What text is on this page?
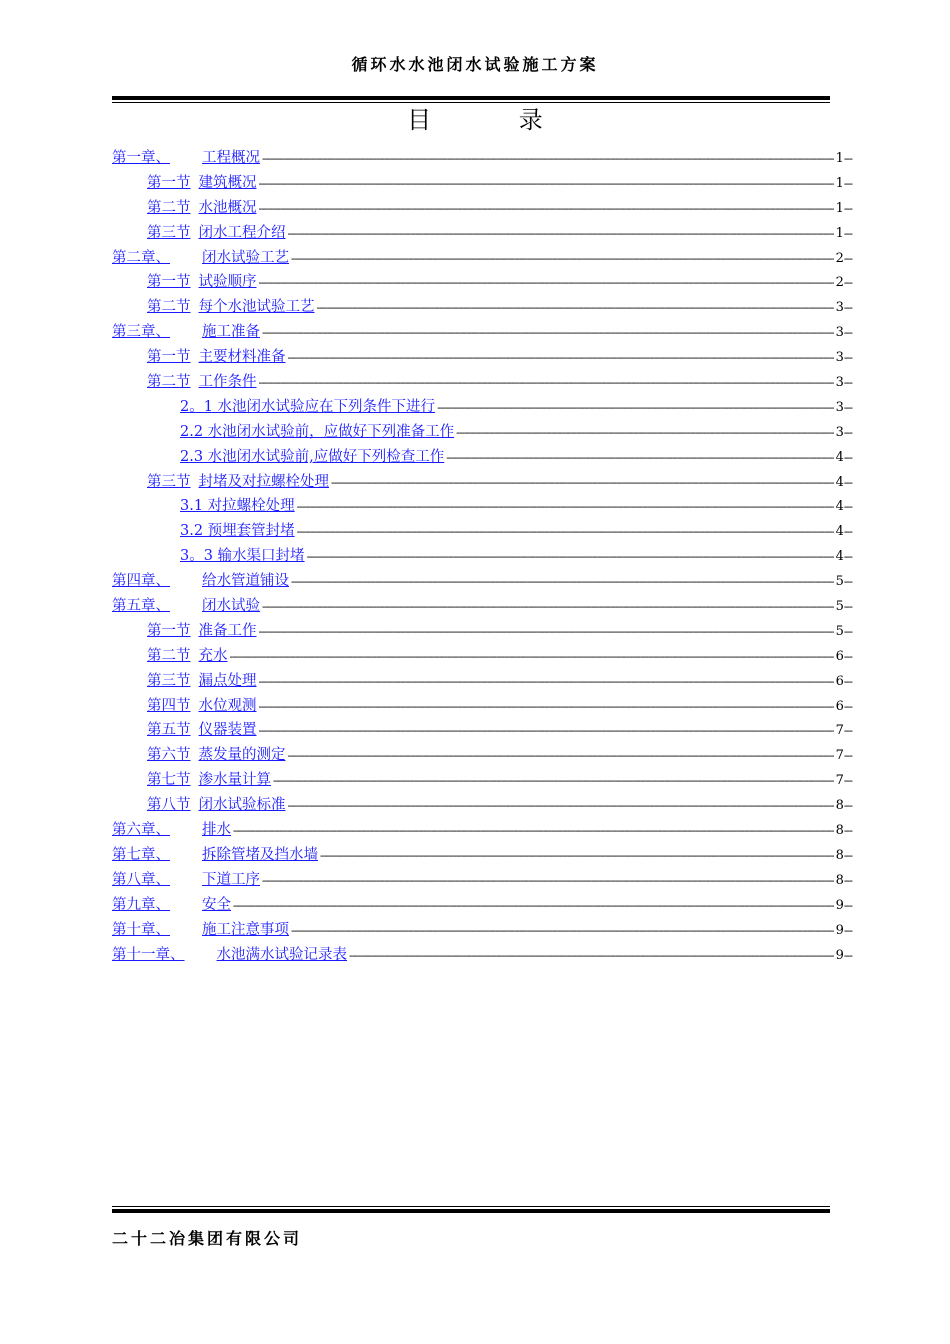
循环水水池闭水试验施工方案
目 录
第一章、 工程概况 -----	1 ---
第一节 建筑概况 -----	1 ---
第二节 水池概况 -----	1 ---
第三节 闭水工程介绍 -----	1 ---
第二章、 闭水试验工艺 -----	2 ---
第一节 试验顺序 -----	2 ---
第二节 每个水池试验工艺 -----	3 ---
第三章、 施工准备 -----	3 ---
第一节 主要材料准备 -----	3 ---
第二节 工作条件 -----	3 ---
2。1 水池闭水试验应在下列条件下进行 -----	3 ---
2.2 水池闭水试验前，应做好下列准备工作 -----	3 ---
2.3 水池闭水试验前,应做好下列检查工作 -----	4 ---
第三节 封堵及对拉螺栓处理 -----	4 ---
3.1 对拉螺栓处理 -----	4 ---
3.2 预埋套管封堵 -----	4 ---
3。3 输水渠口封堵 -----	4 ---
第四章、 给水管道铺设 -----	5 ---
第五章、 闭水试验 -----	5 ---
第一节 准备工作 -----	5 ---
第二节 充水 -----	6 ---
第三节 漏点处理 -----	6 ---
第四节 水位观测 -----	6 ---
第五节 仪器装置 -----	7 ---
第六节 蒸发量的测定 -----	7 ---
第七节 渗水量计算 -----	7 ---
第八节 闭水试验标准 -----	8 ---
第六章、 排水 -----	8 ---
第七章、 拆除管堵及挡水墙 -----	8 ---
第八章、 下道工序 -----	8 ---
第九章、 安全 -----	9 ---
第十章、 施工注意事项 -----	9 ---
第十一章、 水池满水试验记录表 -----	9 ---
二十二冶集团有限公司
